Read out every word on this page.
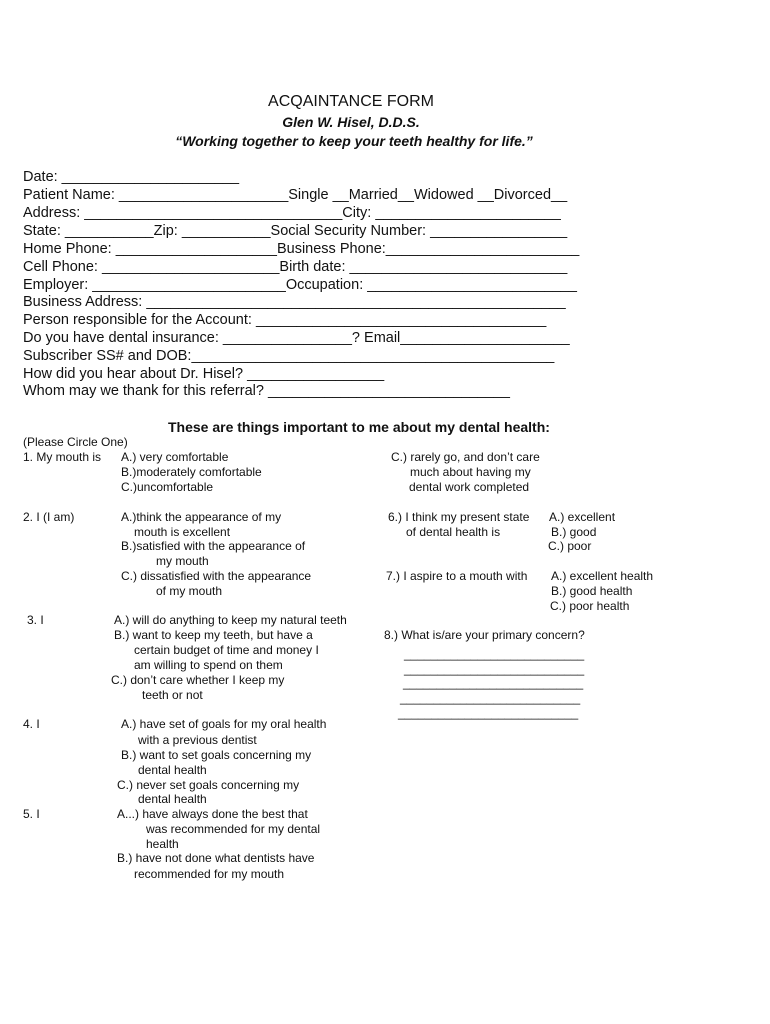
ACQAINTANCE FORM
Glen W. Hisel, D.D.S.
“Working together to keep your teeth healthy for life.”
Date: ______________________
Patient Name: _____________________Single __Married__Widowed __Divorced__
Address: ________________________________City: _______________________
State: ___________Zip: ___________Social Security Number: _________________
Home Phone: ____________________Business Phone:________________________
Cell Phone: ______________________Birth date: ___________________________
Employer: ________________________Occupation: __________________________
Business Address: ____________________________________________________
Person responsible for the Account: ____________________________________
Do you have dental insurance: ________________? Email_____________________
Subscriber SS# and DOB:_____________________________________________
How did you hear about Dr. Hisel? _________________
Whom may we thank for this referral? ______________________________
These are things important to me about my dental health:
(Please Circle One)
1. My mouth is A.) very comfortable
B.)moderately comfortable
C.)uncomfortable
C.) rarely go, and don’t care
much about having my
dental work completed
2. I (I am)	A.)think the appearance of my
mouth is excellent
B.)satisfied with the appearance of
my mouth
C.) dissatisfied with the appearance
of my mouth
3. I	A.) will do anything to keep my natural teeth
B.) want to keep my teeth, but have a
certain budget of time and money I
am willing to spend on them
C.) don’t care whether I keep my
teeth or not
4. I	A.) have set of goals for my oral health
with a previous dentist
B.) want to set goals concerning my
dental health
C.) never set goals concerning my
dental health
5. I	A...) have always done the best that
was recommended for my dental
health
B.) have not done what dentists have
recommended for my mouth
6.) I think my present state
of dental health is
A.) excellent
B.) good
C.) poor
7.) I aspire to a mouth with A.) excellent health
B.) good health
C.) poor health
8.) What is/are your primary concern?
___________________________
___________________________
___________________________
___________________________
___________________________
